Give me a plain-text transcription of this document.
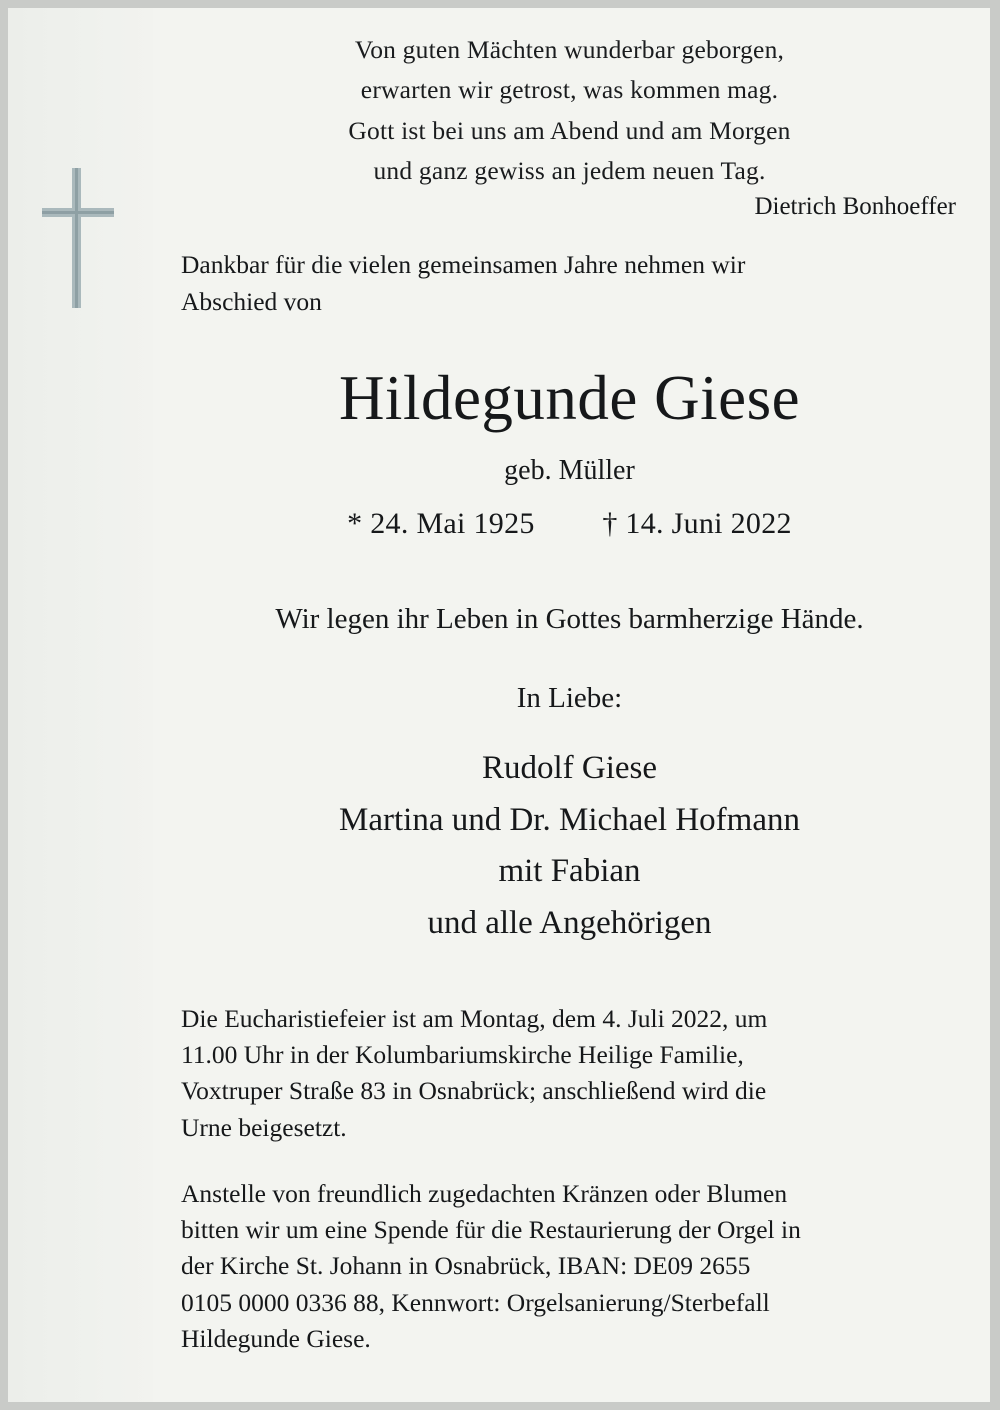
Von guten Mächten wunderbar geborgen,
erwarten wir getrost, was kommen mag.
Gott ist bei uns am Abend und am Morgen
und ganz gewiss an jedem neuen Tag.
Dietrich Bonhoeffer
Dankbar für die vielen gemeinsamen Jahre nehmen wir
Abschied von
Hildegunde Giese
geb. Müller
* 24. Mai 1925 † 14. Juni 2022
Wir legen ihr Leben in Gottes barmherzige Hände.
In Liebe:
Rudolf Giese
Martina und Dr. Michael Hofmann
mit Fabian
und alle Angehörigen
Die Eucharistiefeier ist am Montag, dem 4. Juli 2022, um
11.00 Uhr in der Kolumbariumskirche Heilige Familie,
Voxtruper Straße 83 in Osnabrück; anschließend wird die
Urne beigesetzt.
Anstelle von freundlich zugedachten Kränzen oder Blumen
bitten wir um eine Spende für die Restaurierung der Orgel in
der Kirche St. Johann in Osnabrück, IBAN: DE09 2655
0105 0000 0336 88, Kennwort: Orgelsanierung/Sterbefall
Hildegunde Giese.
